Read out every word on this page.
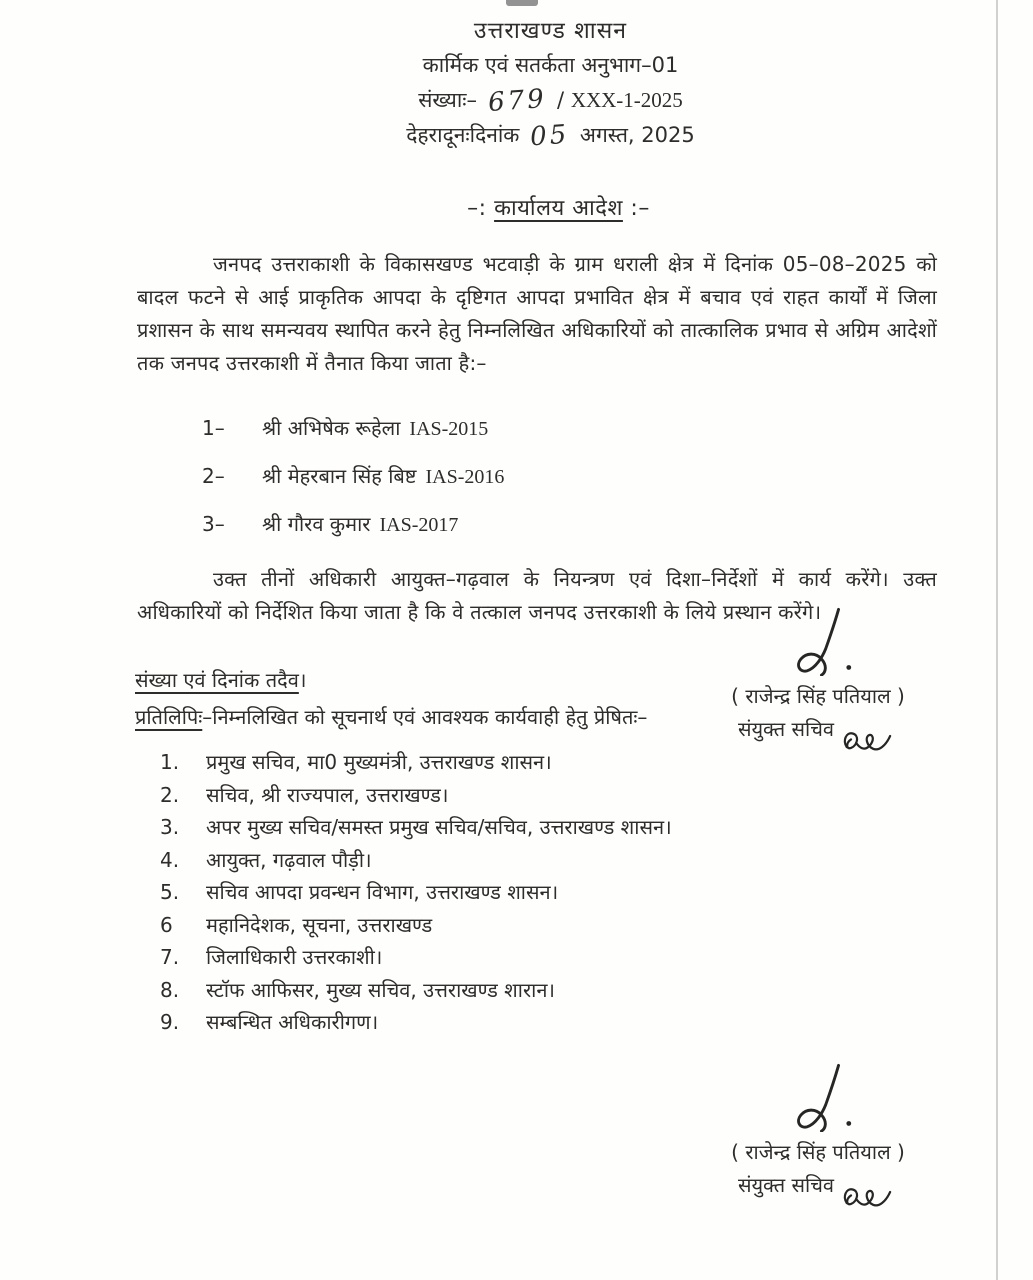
उत्तराखण्ड शासन
कार्मिक एवं सतर्कता अनुभाग–01
संख्याः– 679 / XXX-1-2025
देहरादूनःदिनांक 05 अगस्त, 2025
–: कार्यालय आदेश :–
जनपद उत्तराकाशी के विकासखण्ड भटवाड़ी के ग्राम धराली क्षेत्र में दिनांक 05–08–2025 को बादल फटने से आई प्राकृतिक आपदा के दृष्टिगत आपदा प्रभावित क्षेत्र में बचाव एवं राहत कार्यों में जिला प्रशासन के साथ समन्यवय स्थापित करने हेतु निम्नलिखित अधिकारियों को तात्कालिक प्रभाव से अग्रिम आदेशों तक जनपद उत्तरकाशी में तैनात किया जाता है:–
1–	श्री अभिषेक रूहेला IAS-2015
2–	श्री मेहरबान सिंह बिष्ट IAS-2016
3–	श्री गौरव कुमार IAS-2017
उक्त तीनों अधिकारी आयुक्त–गढ़वाल के नियन्त्रण एवं दिशा–निर्देशों में कार्य करेंगे। उक्त अधिकारियों को निर्देशित किया जाता है कि वे तत्काल जनपद उत्तरकाशी के लिये प्रस्थान करेंगे।
( राजेन्द्र सिंह पतियाल )
संयुक्त सचिव
संख्या एवं दिनांक तदैव।
प्रतिलिपिः–निम्नलिखित को सूचनार्थ एवं आवश्यक कार्यवाही हेतु प्रेषितः–
1.	प्रमुख सचिव, मा0 मुख्यमंत्री, उत्तराखण्ड शासन।
2.	सचिव, श्री राज्यपाल, उत्तराखण्ड।
3.	अपर मुख्य सचिव/समस्त प्रमुख सचिव/सचिव, उत्तराखण्ड शासन।
4.	आयुक्त, गढ़वाल पौड़ी।
5.	सचिव आपदा प्रवन्धन विभाग, उत्तराखण्ड शासन।
6	महानिदेशक, सूचना, उत्तराखण्ड
7.	जिलाधिकारी उत्तरकाशी।
8.	स्टॉफ आफिसर, मुख्य सचिव, उत्तराखण्ड शारान।
9.	सम्बन्धित अधिकारीगण।
( राजेन्द्र सिंह पतियाल )
संयुक्त सचिव
